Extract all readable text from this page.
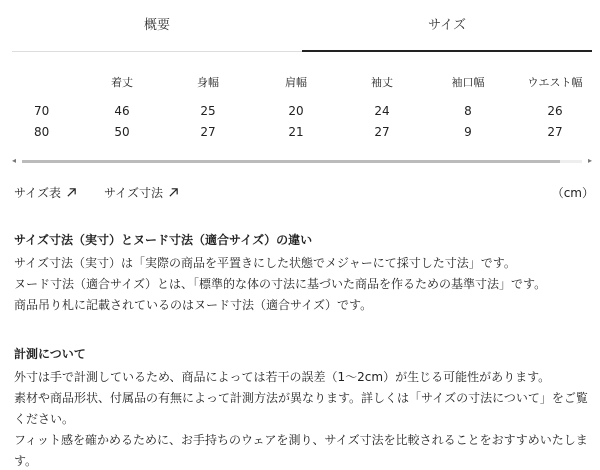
概要	サイズ
	着丈	身幅	肩幅	袖丈	袖口幅	ウエスト幅
70	46	25	20	24	8	26
80	50	27	21	27	9	27
◂	▸
サイズ表	サイズ寸法	（cm）
サイズ寸法（実寸）とヌード寸法（適合サイズ）の違い

サイズ寸法（実寸）は「実際の商品を平置きにした状態でメジャーにて採寸した寸法」です。

ヌード寸法（適合サイズ）とは、「標準的な体の寸法に基づいた商品を作るための基準寸法」です。

商品吊り札に記載されているのはヌード寸法（適合サイズ）です。

計測について

外寸は手で計測しているため、商品によっては若干の誤差（1〜2cm）が生じる可能性があります。

素材や商品形状、付属品の有無によって計測方法が異なります。詳しくは「サイズの寸法について」をご覧ください。

フィット感を確かめるために、お手持ちのウェアを測り、サイズ寸法を比較されることをおすすめいたします。
